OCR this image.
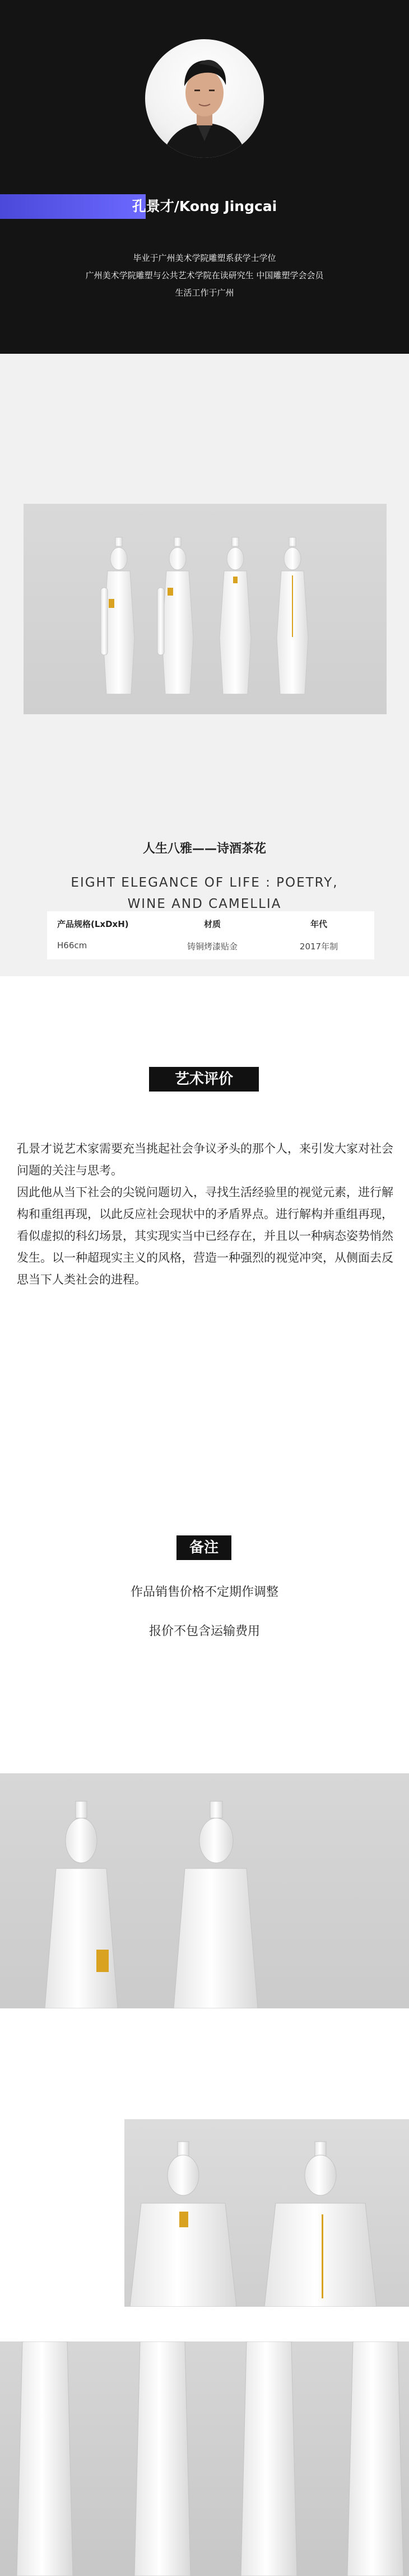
孔景才/Kong Jingcai
毕业于广州美术学院雕塑系获学士学位
广州美术学院雕塑与公共艺术学院在读研究生 中国雕塑学会会员
生活工作于广州
人生八雅——诗酒茶花
EIGHT ELEGANCE OF LIFE : POETRY,
WINE AND CAMELLIA
产品规格(LxDxH)
H66cm
材质
铸铜烤漆贴金
年代
2017年制
艺术评价

孔景才说艺术家需要充当挑起社会争议矛头的那个人，来引发大家对社会问题的关注与思考。

因此他从当下社会的尖锐问题切入，寻找生活经验里的视觉元素，进行解构和重组再现，以此反应社会现状中的矛盾界点。进行解构并重组再现，看似虚拟的科幻场景，其实现实当中已经存在，并且以一种病态姿势悄然发生。以一种超现实主义的风格，营造一种强烈的视觉冲突，从侧面去反思当下人类社会的进程。

备注
作品销售价格不定期作调整
报价不包含运输费用
